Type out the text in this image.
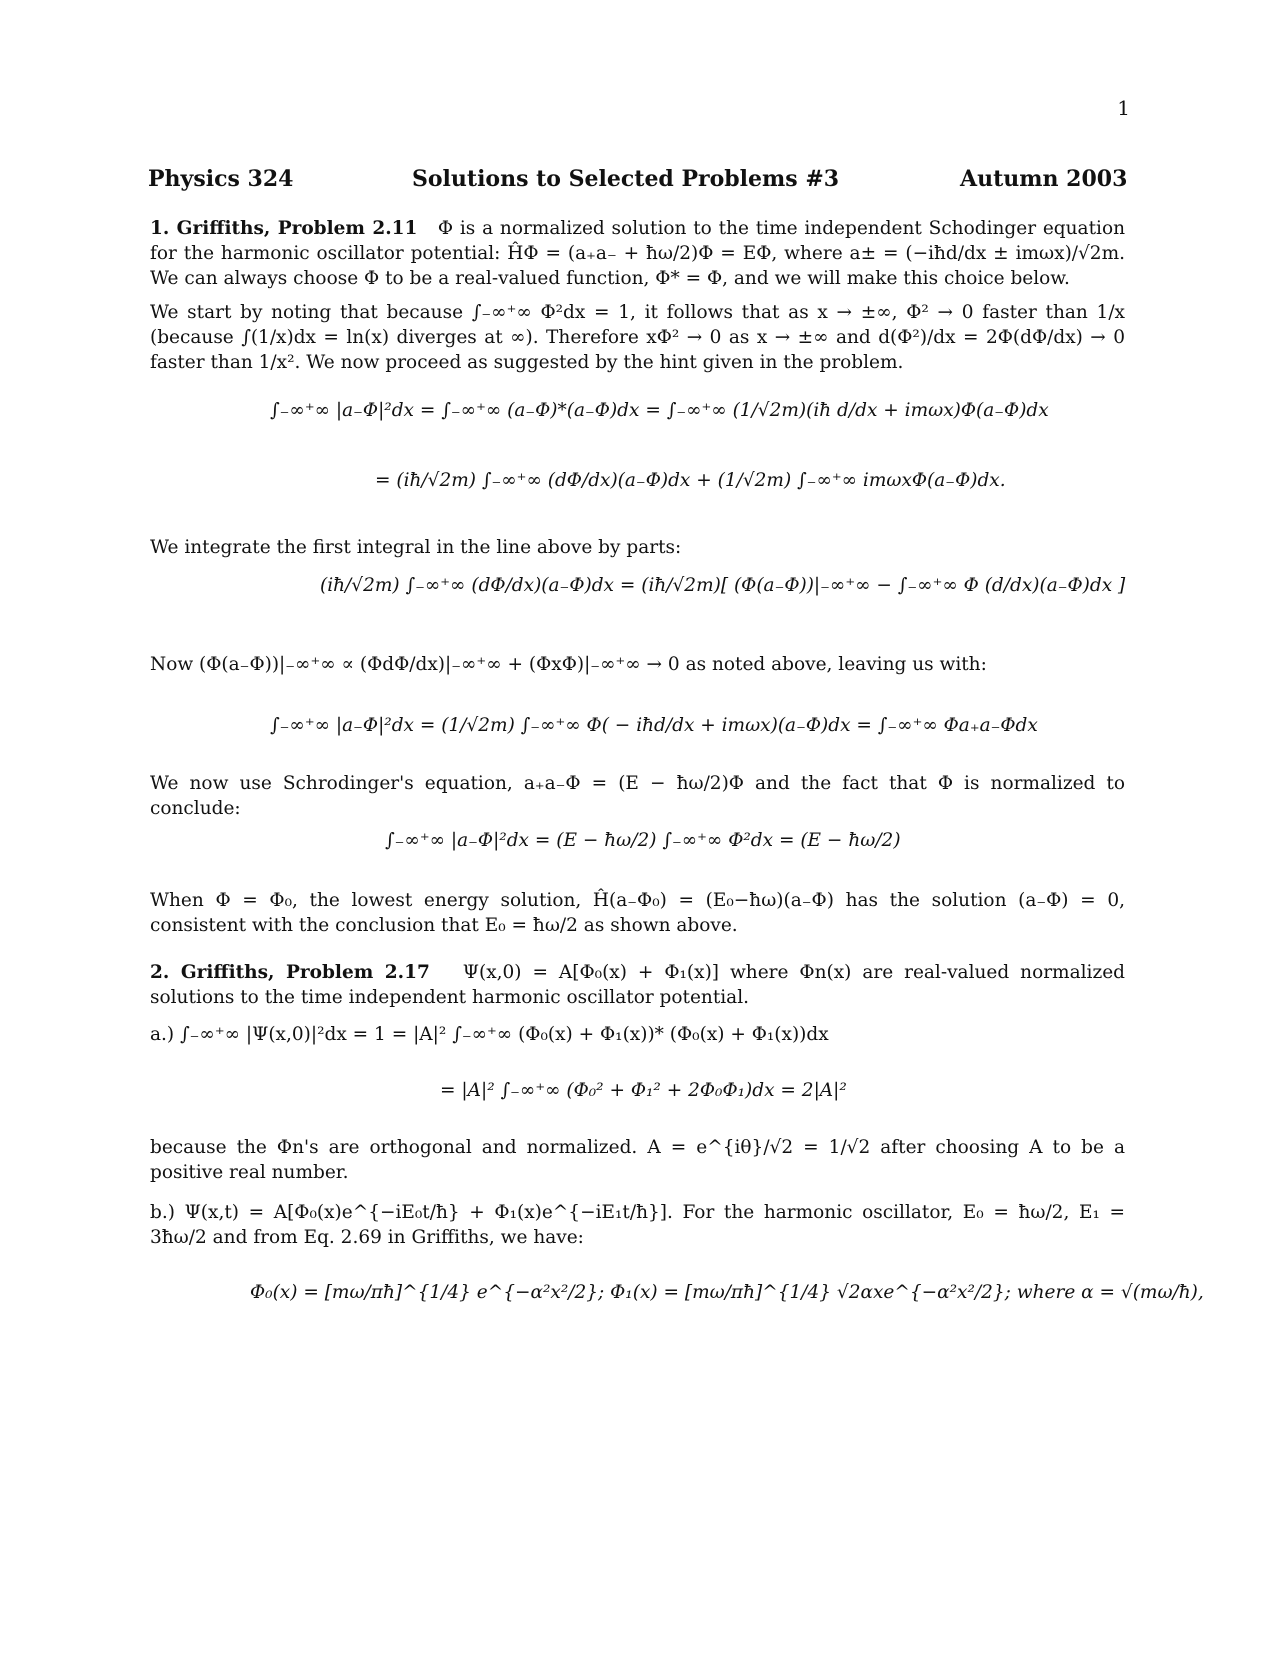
1
Physics 324	Solutions to Selected Problems #3	Autumn 2003
1. Griffiths, Problem 2.11 Φ is a normalized solution to the time independent Schodinger equation for the harmonic oscillator potential: ĤΦ = (a₊a₋ + ħω/2)Φ = EΦ, where a± = (−iħd/dx ± imωx)/√2m. We can always choose Φ to be a real-valued function, Φ* = Φ, and we will make this choice below.
We start by noting that because ∫₋∞⁺∞ Φ²dx = 1, it follows that as x → ±∞, Φ² → 0 faster than 1/x (because ∫(1/x)dx = ln(x) diverges at ∞). Therefore xΦ² → 0 as x → ±∞ and d(Φ²)/dx = 2Φ(dΦ/dx) → 0 faster than 1/x². We now proceed as suggested by the hint given in the problem.
∫₋∞⁺∞ |a₋Φ|²dx = ∫₋∞⁺∞ (a₋Φ)*(a₋Φ)dx = ∫₋∞⁺∞ (1/√2m)(iħ d/dx + imωx)Φ(a₋Φ)dx
= (iħ/√2m) ∫₋∞⁺∞ (dΦ/dx)(a₋Φ)dx + (1/√2m) ∫₋∞⁺∞ imωxΦ(a₋Φ)dx.
We integrate the first integral in the line above by parts:
(iħ/√2m) ∫₋∞⁺∞ (dΦ/dx)(a₋Φ)dx = (iħ/√2m)[ (Φ(a₋Φ))|₋∞⁺∞ − ∫₋∞⁺∞ Φ (d/dx)(a₋Φ)dx ]
Now (Φ(a₋Φ))|₋∞⁺∞ ∝ (ΦdΦ/dx)|₋∞⁺∞ + (ΦxΦ)|₋∞⁺∞ → 0 as noted above, leaving us with:
∫₋∞⁺∞ |a₋Φ|²dx = (1/√2m) ∫₋∞⁺∞ Φ( − iħd/dx + imωx)(a₋Φ)dx = ∫₋∞⁺∞ Φa₊a₋Φdx
We now use Schrodinger's equation, a₊a₋Φ = (E − ħω/2)Φ and the fact that Φ is normalized to conclude:
∫₋∞⁺∞ |a₋Φ|²dx = (E − ħω/2) ∫₋∞⁺∞ Φ²dx = (E − ħω/2)
When Φ = Φ₀, the lowest energy solution, Ĥ(a₋Φ₀) = (E₀−ħω)(a₋Φ) has the solution (a₋Φ) = 0, consistent with the conclusion that E₀ = ħω/2 as shown above.
2. Griffiths, Problem 2.17 Ψ(x,0) = A[Φ₀(x) + Φ₁(x)] where Φn(x) are real-valued normalized solutions to the time independent harmonic oscillator potential.
a.) ∫₋∞⁺∞ |Ψ(x,0)|²dx = 1 = |A|² ∫₋∞⁺∞ (Φ₀(x) + Φ₁(x))* (Φ₀(x) + Φ₁(x))dx
= |A|² ∫₋∞⁺∞ (Φ₀² + Φ₁² + 2Φ₀Φ₁)dx = 2|A|²
because the Φn's are orthogonal and normalized. A = e^{iθ}/√2 = 1/√2 after choosing A to be a positive real number.
b.) Ψ(x,t) = A[Φ₀(x)e^{−iE₀t/ħ} + Φ₁(x)e^{−iE₁t/ħ}]. For the harmonic oscillator, E₀ = ħω/2, E₁ = 3ħω/2 and from Eq. 2.69 in Griffiths, we have:
Φ₀(x) = [mω/πħ]^{1/4} e^{−α²x²/2}; Φ₁(x) = [mω/πħ]^{1/4} √2αxe^{−α²x²/2}; where α = √(mω/ħ),
